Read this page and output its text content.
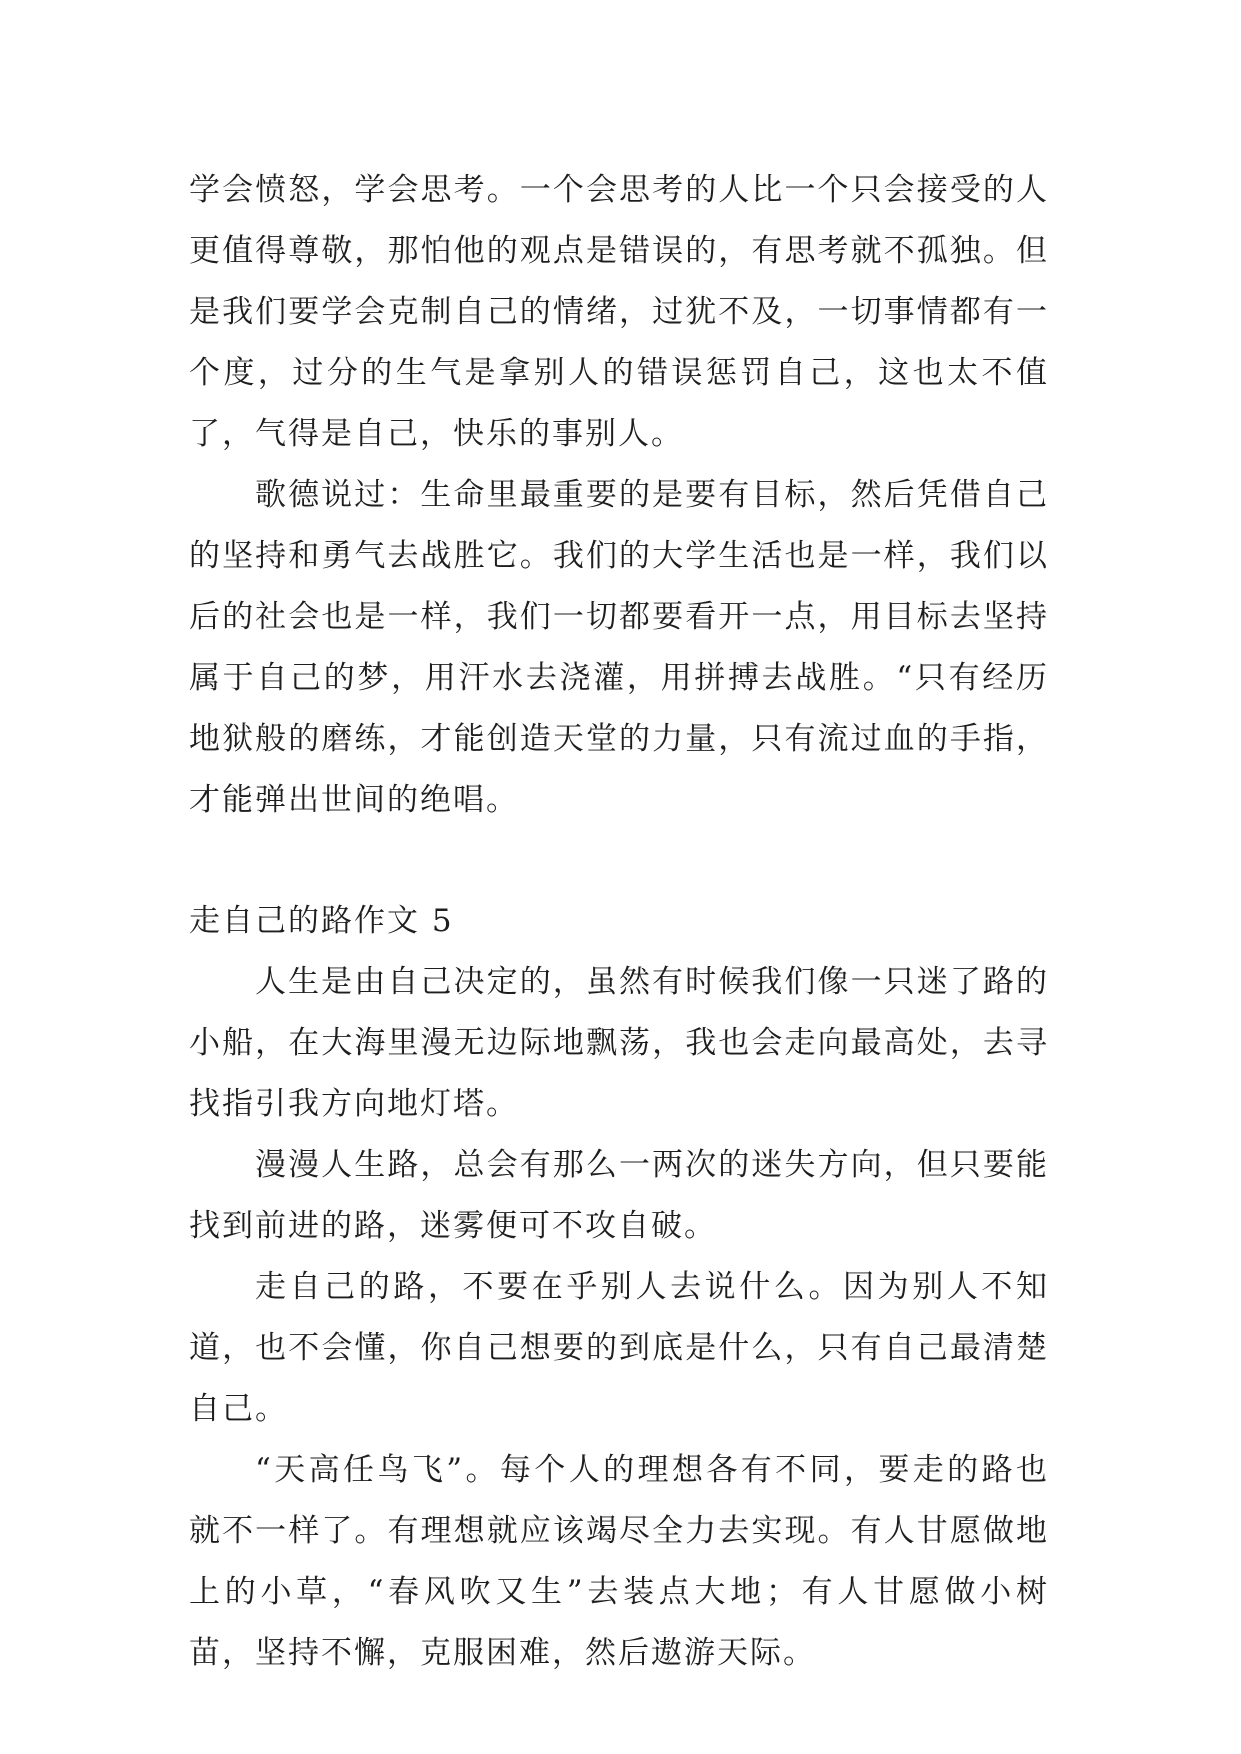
学会愤怒，学会思考。一个会思考的人比一个只会接受的人更值得尊敬，那怕他的观点是错误的，有思考就不孤独。但是我们要学会克制自己的情绪，过犹不及，一切事情都有一个度，过分的生气是拿别人的错误惩罚自己，这也太不值了，气得是自己，快乐的事别人。

歌德说过：生命里最重要的是要有目标，然后凭借自己的坚持和勇气去战胜它。我们的大学生活也是一样，我们以后的社会也是一样，我们一切都要看开一点，用目标去坚持属于自己的梦，用汗水去浇灌，用拼搏去战胜。“只有经历地狱般的磨练，才能创造天堂的力量，只有流过血的手指，才能弹出世间的绝唱。

走自己的路作文 5

人生是由自己决定的，虽然有时候我们像一只迷了路的小船，在大海里漫无边际地飘荡，我也会走向最高处，去寻找指引我方向地灯塔。

漫漫人生路，总会有那么一两次的迷失方向，但只要能找到前进的路，迷雾便可不攻自破。

走自己的路，不要在乎别人去说什么。因为别人不知道，也不会懂，你自己想要的到底是什么，只有自己最清楚自己。

“天高任鸟飞”。每个人的理想各有不同，要走的路也就不一样了。有理想就应该竭尽全力去实现。有人甘愿做地上的小草，“春风吹又生”去装点大地；有人甘愿做小树苗，坚持不懈，克服困难，然后遨游天际。
